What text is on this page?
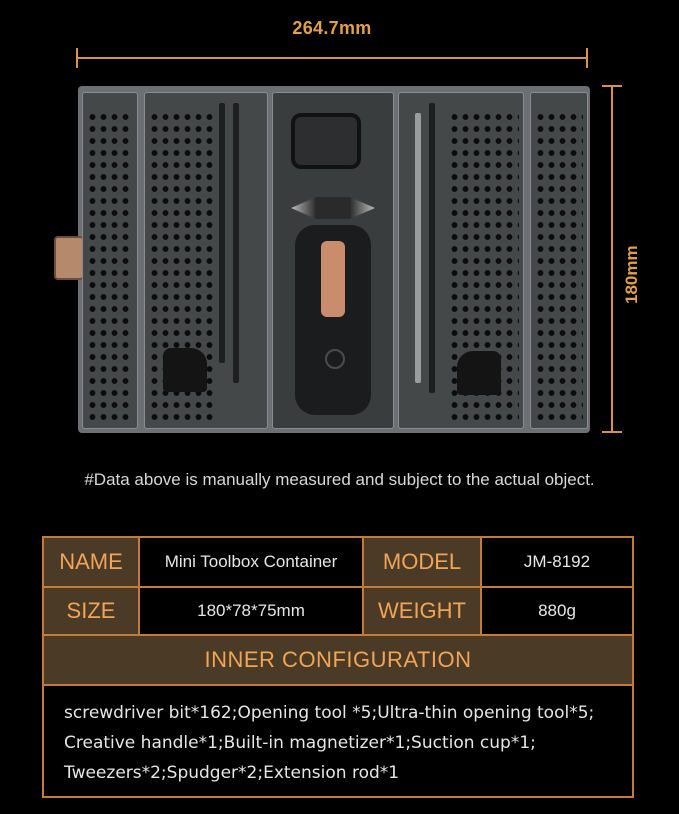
264.7mm
180mm
#Data above is manually measured and subject to the actual object.
NAME	Mini Toolbox Container	MODEL	JM-8192
SIZE	180*78*75mm	WEIGHT	880g
INNER CONFIGURATION
screwdriver bit*162;Opening tool *5;Ultra-thin opening tool*5;
Creative handle*1;Built-in magnetizer*1;Suction cup*1;
Tweezers*2;Spudger*2;Extension rod*1
